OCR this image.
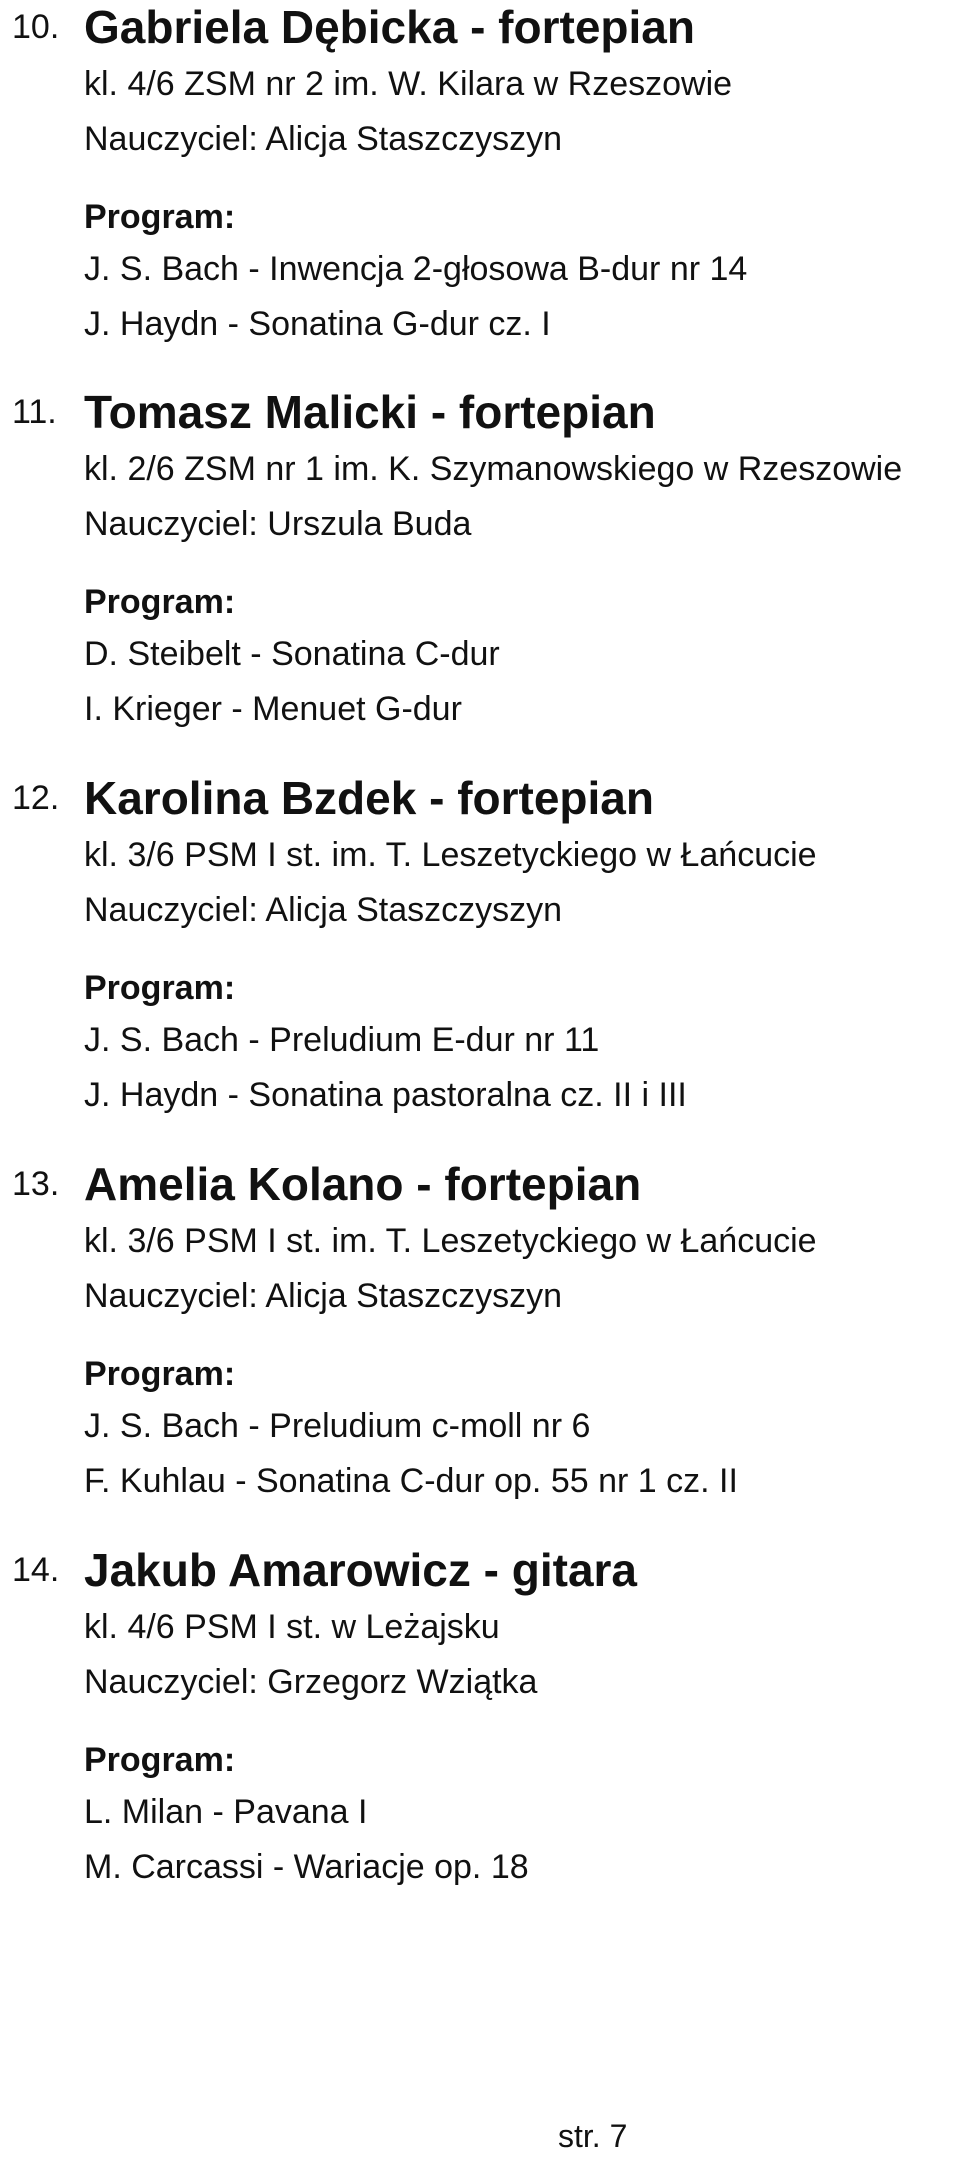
10. Gabriela Dębicka - fortepian
kl. 4/6 ZSM nr 2 im. W. Kilara w Rzeszowie
Nauczyciel: Alicja Staszczyszyn
Program:
J. S. Bach - Inwencja 2-głosowa B-dur nr 14
J. Haydn - Sonatina G-dur cz. I
11. Tomasz Malicki - fortepian
kl. 2/6 ZSM nr 1 im. K. Szymanowskiego w Rzeszowie
Nauczyciel: Urszula Buda
Program:
D. Steibelt - Sonatina C-dur
I. Krieger - Menuet G-dur
12. Karolina Bzdek - fortepian
kl. 3/6 PSM I st. im. T. Leszetyckiego w Łańcucie
Nauczyciel: Alicja Staszczyszyn
Program:
J. S. Bach - Preludium E-dur nr 11
J. Haydn - Sonatina pastoralna cz. II i III
13. Amelia Kolano - fortepian
kl. 3/6 PSM I st. im. T. Leszetyckiego w Łańcucie
Nauczyciel: Alicja Staszczyszyn
Program:
J. S. Bach - Preludium c-moll nr 6
F. Kuhlau - Sonatina C-dur op. 55 nr 1 cz. II
14. Jakub Amarowicz - gitara
kl. 4/6 PSM I st. w Leżajsku
Nauczyciel: Grzegorz Wziątka
Program:
L. Milan - Pavana I
M. Carcassi - Wariacje op. 18
str. 7
